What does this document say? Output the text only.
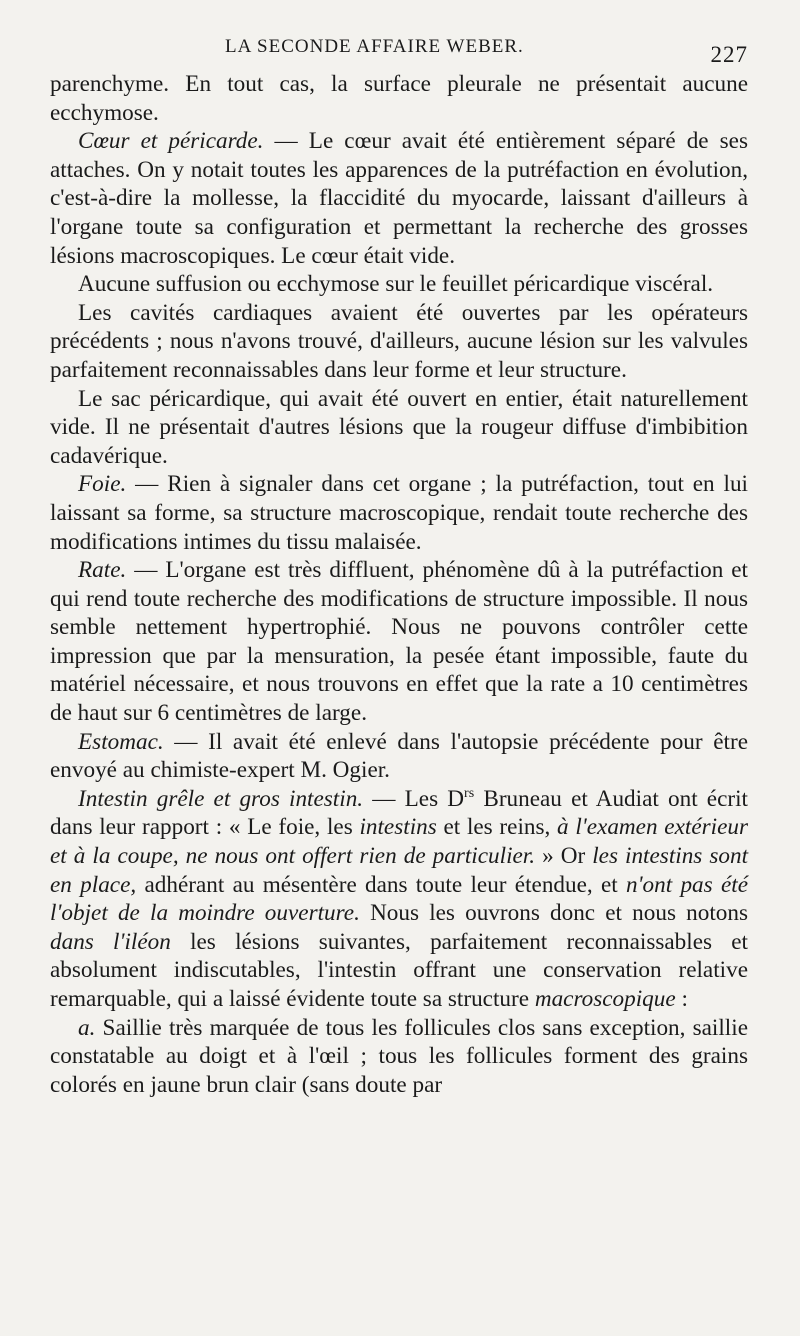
LA SECONDE AFFAIRE WEBER.	227

parenchyme. En tout cas, la surface pleurale ne présentait aucune ecchymose.

Cœur et péricarde. — Le cœur avait été entièrement séparé de ses attaches. On y notait toutes les apparences de la putréfaction en évolution, c'est-à-dire la mollesse, la flaccidité du myocarde, laissant d'ailleurs à l'organe toute sa configuration et permettant la recherche des grosses lésions macroscopiques. Le cœur était vide.

Aucune suffusion ou ecchymose sur le feuillet péricardique viscéral.

Les cavités cardiaques avaient été ouvertes par les opérateurs précédents ; nous n'avons trouvé, d'ailleurs, aucune lésion sur les valvules parfaitement reconnaissables dans leur forme et leur structure.

Le sac péricardique, qui avait été ouvert en entier, était naturellement vide. Il ne présentait d'autres lésions que la rougeur diffuse d'imbibition cadavérique.

Foie. — Rien à signaler dans cet organe ; la putréfaction, tout en lui laissant sa forme, sa structure macroscopique, rendait toute recherche des modifications intimes du tissu malaisée.

Rate. — L'organe est très diffluent, phénomène dû à la putréfaction et qui rend toute recherche des modifications de structure impossible. Il nous semble nettement hypertrophié. Nous ne pouvons contrôler cette impression que par la mensuration, la pesée étant impossible, faute du matériel nécessaire, et nous trouvons en effet que la rate a 10 centimètres de haut sur 6 centimètres de large.

Estomac. — Il avait été enlevé dans l'autopsie précédente pour être envoyé au chimiste-expert M. Ogier.

Intestin grêle et gros intestin. — Les $D^{rs}$ Bruneau et Audiat ont écrit dans leur rapport : « Le foie, les intestins et les reins, à l'examen extérieur et à la coupe, ne nous ont offert rien de particulier. » Or les intestins sont en place, adhérant au mésentère dans toute leur étendue, et n'ont pas été l'objet de la moindre ouverture. Nous les ouvrons donc et nous notons dans l'iléon les lésions suivantes, parfaitement reconnaissables et absolument indiscutables, l'intestin offrant une conservation relative remarquable, qui a laissé évidente toute sa structure macroscopique :

a. Saillie très marquée de tous les follicules clos sans exception, saillie constatable au doigt et à l'œil ; tous les follicules forment des grains colorés en jaune brun clair (sans doute par
